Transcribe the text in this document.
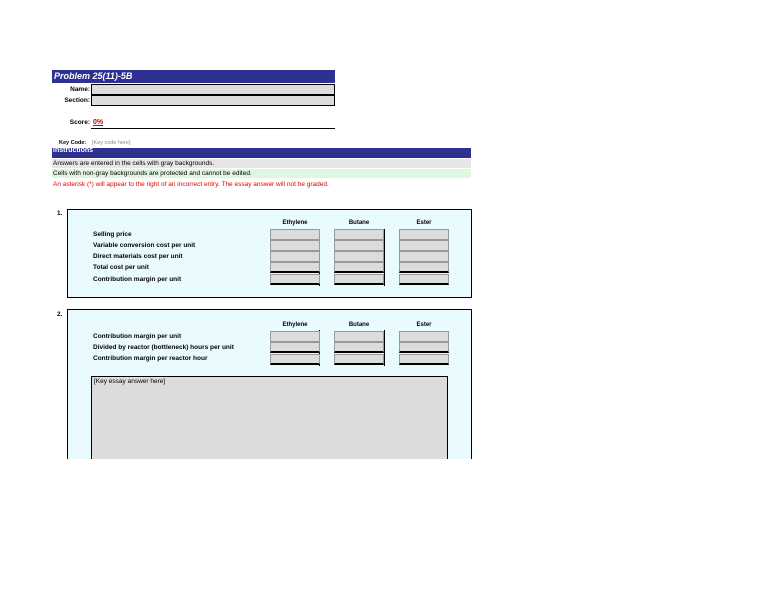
Problem 25(11)-5B
Name:
Section:
Score: 0%
Key Code: [Key code here]
Instructions
Answers are entered in the cells with gray backgrounds.
Cells with non-gray backgrounds are protected and cannot be edited.
An asterisk (*) will appear to the right of an incorrect entry. The essay answer will not be graded.
1.
Ethylene	Butane	Ester
Selling price
Variable conversion cost per unit
Direct materials cost per unit
Total cost per unit
Contribution margin per unit
2.
Ethylene	Butane	Ester
Contribution margin per unit
Divided by reactor (bottleneck) hours per unit
Contribution margin per reactor hour
[Key essay answer here]
